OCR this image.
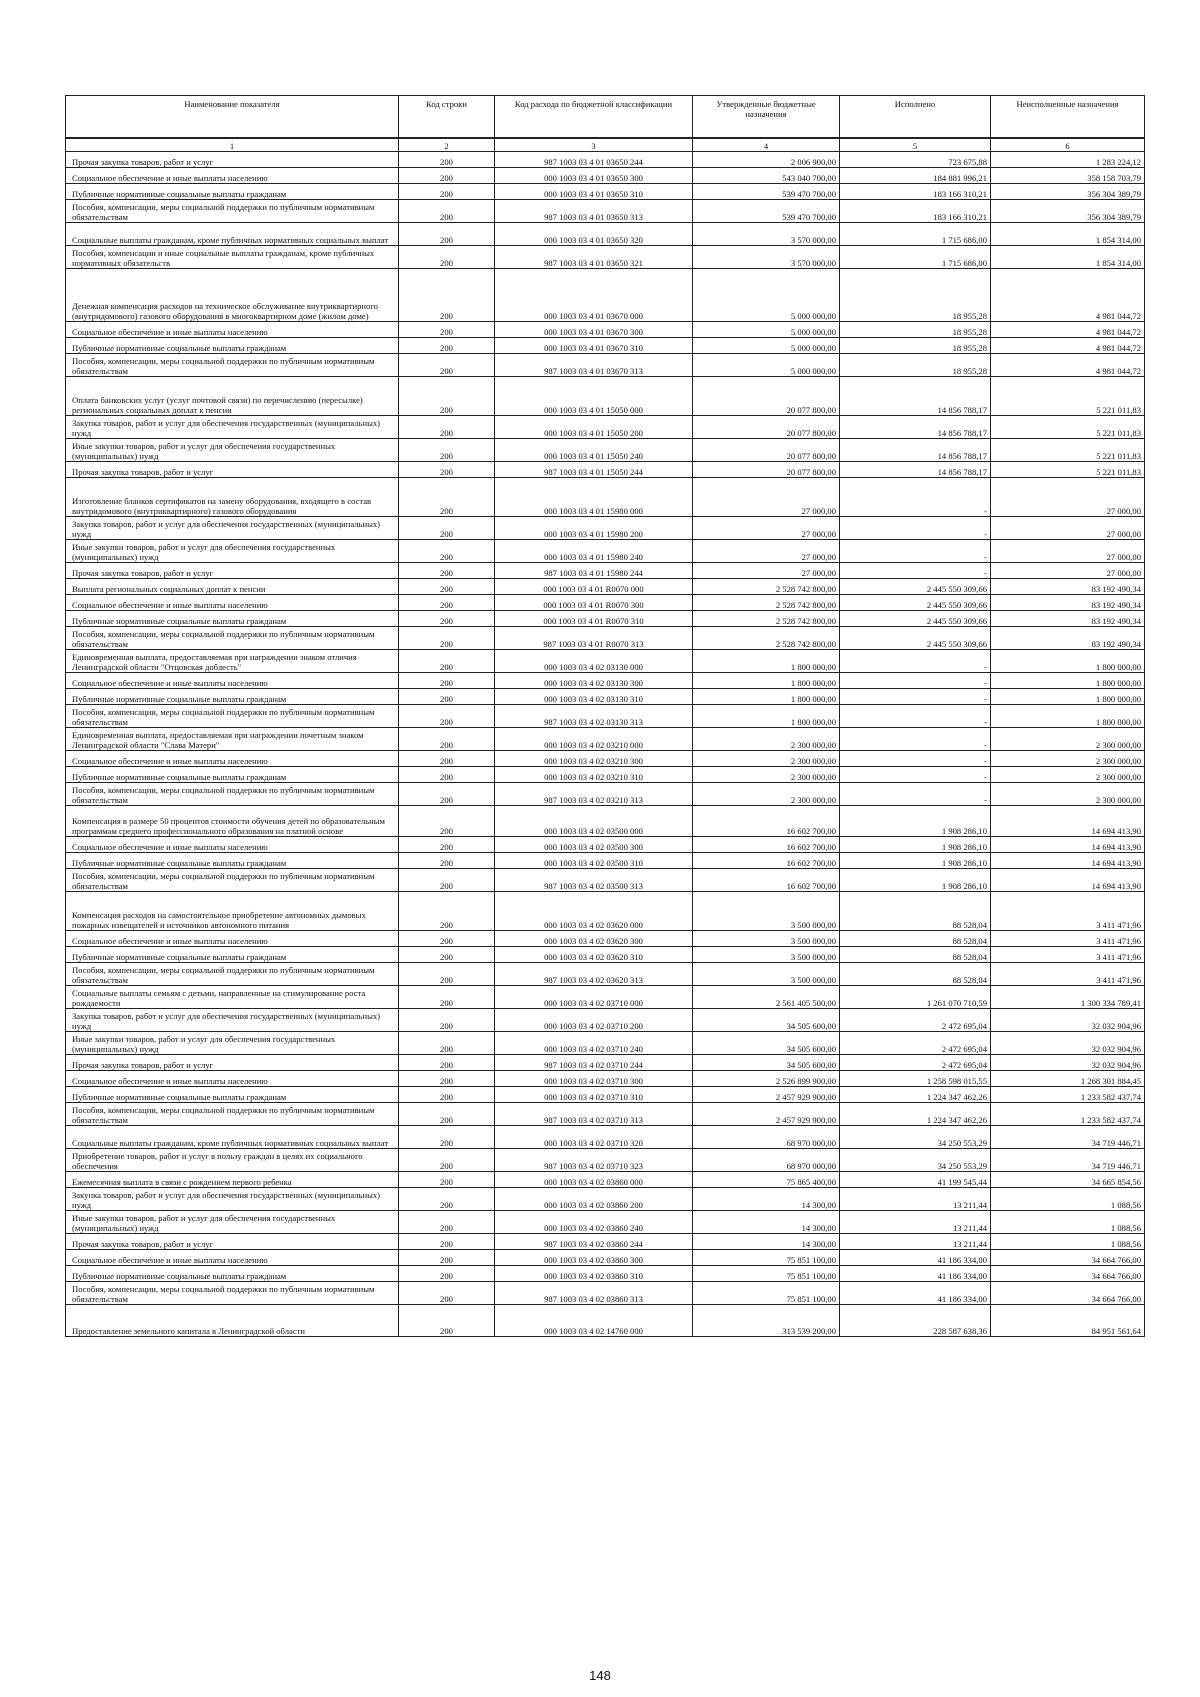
Наименование показателя	Код строки	Код расхода по бюджетной классификации	Утвержденные бюджетные назначения	Исполнено	Неисполненные назначения
1	2	3	4	5	6
Прочая закупка товаров, работ и услуг	200	987 1003 03 4 01 03650 244	2 006 900,00	723 675,88	1 283 224,12
Социальное обеспечение и иные выплаты населению	200	000 1003 03 4 01 03650 300	543 040 700,00	184 881 996,21	358 158 703,79
Публичные нормативные социальные выплаты гражданам	200	000 1003 03 4 01 03650 310	539 470 700,00	183 166 310,21	356 304 389,79
Пособия, компенсации, меры социальной поддержки по публичным нормативным обязательствам	200	987 1003 03 4 01 03650 313	539 470 700,00	183 166 310,21	356 304 389,79
Социальные выплаты гражданам, кроме публичных нормативных социальных выплат	200	000 1003 03 4 01 03650 320	3 570 000,00	1 715 686,00	1 854 314,00
Пособия, компенсации и иные социальные выплаты гражданам, кроме публичных нормативных обязательств	200	987 1003 03 4 01 03650 321	3 570 000,00	1 715 686,00	1 854 314,00
Денежная компенсация расходов на техническое обслуживание внутриквартирного (внутридомового) газового оборудования в многоквартирном доме (жилом доме)	200	000 1003 03 4 01 03670 000	5 000 000,00	18 955,28	4 981 044,72
Социальное обеспечение и иные выплаты населению	200	000 1003 03 4 01 03670 300	5 000 000,00	18 955,28	4 981 044,72
Публичные нормативные социальные выплаты гражданам	200	000 1003 03 4 01 03670 310	5 000 000,00	18 955,28	4 981 044,72
Пособия, компенсации, меры социальной поддержки по публичным нормативным обязательствам	200	987 1003 03 4 01 03670 313	5 000 000,00	18 955,28	4 981 044,72
Оплата банковских услуг (услуг почтовой связи) по перечислению (пересылке) региональных социальных доплат к пенсии	200	000 1003 03 4 01 15050 000	20 077 800,00	14 856 788,17	5 221 011,83
Закупка товаров, работ и услуг для обеспечения государственных (муниципальных) нужд	200	000 1003 03 4 01 15050 200	20 077 800,00	14 856 788,17	5 221 011,83
Иные закупки товаров, работ и услуг для обеспечения государственных (муниципальных) нужд	200	000 1003 03 4 01 15050 240	20 077 800,00	14 856 788,17	5 221 011,83
Прочая закупка товаров, работ и услуг	200	987 1003 03 4 01 15050 244	20 077 800,00	14 856 788,17	5 221 011,83
Изготовление бланков сертификатов на замену оборудования, входящего в состав внутридомового (внутриквартирного) газового оборудования	200	000 1003 03 4 01 15980 000	27 000,00	-	27 000,00
Закупка товаров, работ и услуг для обеспечения государственных (муниципальных) нужд	200	000 1003 03 4 01 15980 200	27 000,00	-	27 000,00
Иные закупки товаров, работ и услуг для обеспечения государственных (муниципальных) нужд	200	000 1003 03 4 01 15980 240	27 000,00	-	27 000,00
Прочая закупка товаров, работ и услуг	200	987 1003 03 4 01 15980 244	27 000,00	-	27 000,00
Выплата региональных социальных доплат к пенсии	200	000 1003 03 4 01 R0070 000	2 528 742 800,00	2 445 550 309,66	83 192 490,34
Социальное обеспечение и иные выплаты населению	200	000 1003 03 4 01 R0070 300	2 528 742 800,00	2 445 550 309,66	83 192 490,34
Публичные нормативные социальные выплаты гражданам	200	000 1003 03 4 01 R0070 310	2 528 742 800,00	2 445 550 309,66	83 192 490,34
Пособия, компенсации, меры социальной поддержки по публичным нормативным обязательствам	200	987 1003 03 4 01 R0070 313	2 528 742 800,00	2 445 550 309,66	83 192 490,34
Единовременная выплата, предоставляемая при награждении знаком отличия Ленинградской области "Отцовская доблесть"	200	000 1003 03 4 02 03130 000	1 800 000,00	-	1 800 000,00
Социальное обеспечение и иные выплаты населению	200	000 1003 03 4 02 03130 300	1 800 000,00	-	1 800 000,00
Публичные нормативные социальные выплаты гражданам	200	000 1003 03 4 02 03130 310	1 800 000,00	-	1 800 000,00
Пособия, компенсации, меры социальной поддержки по публичным нормативным обязательствам	200	987 1003 03 4 02 03130 313	1 800 000,00	-	1 800 000,00
Единовременная выплата, предоставляемая при награждении почетным знаком Ленинградской области "Слава Матери"	200	000 1003 03 4 02 03210 000	2 300 000,00	-	2 300 000,00
Социальное обеспечение и иные выплаты населению	200	000 1003 03 4 02 03210 300	2 300 000,00	-	2 300 000,00
Публичные нормативные социальные выплаты гражданам	200	000 1003 03 4 02 03210 310	2 300 000,00	-	2 300 000,00
Пособия, компенсации, меры социальной поддержки по публичным нормативным обязательствам	200	987 1003 03 4 02 03210 313	2 300 000,00	-	2 300 000,00
Компенсация в размере 50 процентов стоимости обучения детей по образовательным программам среднего профессионального образования на платной основе	200	000 1003 03 4 02 03500 000	16 602 700,00	1 908 286,10	14 694 413,90
Социальное обеспечение и иные выплаты населению	200	000 1003 03 4 02 03500 300	16 602 700,00	1 908 286,10	14 694 413,90
Публичные нормативные социальные выплаты гражданам	200	000 1003 03 4 02 03500 310	16 602 700,00	1 908 286,10	14 694 413,90
Пособия, компенсации, меры социальной поддержки по публичным нормативным обязательствам	200	987 1003 03 4 02 03500 313	16 602 700,00	1 908 286,10	14 694 413,90
Компенсация расходов на самостоятельное приобретение автономных дымовых пожарных извещателей и источников автономного питания	200	000 1003 03 4 02 03620 000	3 500 000,00	88 528,04	3 411 471,96
Социальное обеспечение и иные выплаты населению	200	000 1003 03 4 02 03620 300	3 500 000,00	88 528,04	3 411 471,96
Публичные нормативные социальные выплаты гражданам	200	000 1003 03 4 02 03620 310	3 500 000,00	88 528,04	3 411 471,96
Пособия, компенсации, меры социальной поддержки по публичным нормативным обязательствам	200	987 1003 03 4 02 03620 313	3 500 000,00	88 528,04	3 411 471,96
Социальные выплаты семьям с детьми, направленные на стимулирование роста рождаемости	200	000 1003 03 4 02 03710 000	2 561 405 500,00	1 261 070 710,59	1 300 334 789,41
Закупка товаров, работ и услуг для обеспечения государственных (муниципальных) нужд	200	000 1003 03 4 02 03710 200	34 505 600,00	2 472 695,04	32 032 904,96
Иные закупки товаров, работ и услуг для обеспечения государственных (муниципальных) нужд	200	000 1003 03 4 02 03710 240	34 505 600,00	2 472 695,04	32 032 904,96
Прочая закупка товаров, работ и услуг	200	987 1003 03 4 02 03710 244	34 505 600,00	2 472 695,04	32 032 904,96
Социальное обеспечение и иные выплаты населению	200	000 1003 03 4 02 03710 300	2 526 899 900,00	1 258 598 015,55	1 268 301 884,45
Публичные нормативные социальные выплаты гражданам	200	000 1003 03 4 02 03710 310	2 457 929 900,00	1 224 347 462,26	1 233 582 437,74
Пособия, компенсации, меры социальной поддержки по публичным нормативным обязательствам	200	987 1003 03 4 02 03710 313	2 457 929 900,00	1 224 347 462,26	1 233 582 437,74
Социальные выплаты гражданам, кроме публичных нормативных социальных выплат	200	000 1003 03 4 02 03710 320	68 970 000,00	34 250 553,29	34 719 446,71
Приобретение товаров, работ и услуг в пользу граждан в целях их социального обеспечения	200	987 1003 03 4 02 03710 323	68 970 000,00	34 250 553,29	34 719 446,71
Ежемесячная выплата в связи с рождением первого ребенка	200	000 1003 03 4 02 03860 000	75 865 400,00	41 199 545,44	34 665 854,56
Закупка товаров, работ и услуг для обеспечения государственных (муниципальных) нужд	200	000 1003 03 4 02 03860 200	14 300,00	13 211,44	1 088,56
Иные закупки товаров, работ и услуг для обеспечения государственных (муниципальных) нужд	200	000 1003 03 4 02 03860 240	14 300,00	13 211,44	1 088,56
Прочая закупка товаров, работ и услуг	200	987 1003 03 4 02 03860 244	14 300,00	13 211,44	1 088,56
Социальное обеспечение и иные выплаты населению	200	000 1003 03 4 02 03860 300	75 851 100,00	41 186 334,00	34 664 766,00
Публичные нормативные социальные выплаты гражданам	200	000 1003 03 4 02 03860 310	75 851 100,00	41 186 334,00	34 664 766,00
Пособия, компенсации, меры социальной поддержки по публичным нормативным обязательствам	200	987 1003 03 4 02 03860 313	75 851 100,00	41 186 334,00	34 664 766,00
Предоставление земельного капитала в Ленинградской области	200	000 1003 03 4 02 14760 000	313 539 200,00	228 587 638,36	84 951 561,64
148
